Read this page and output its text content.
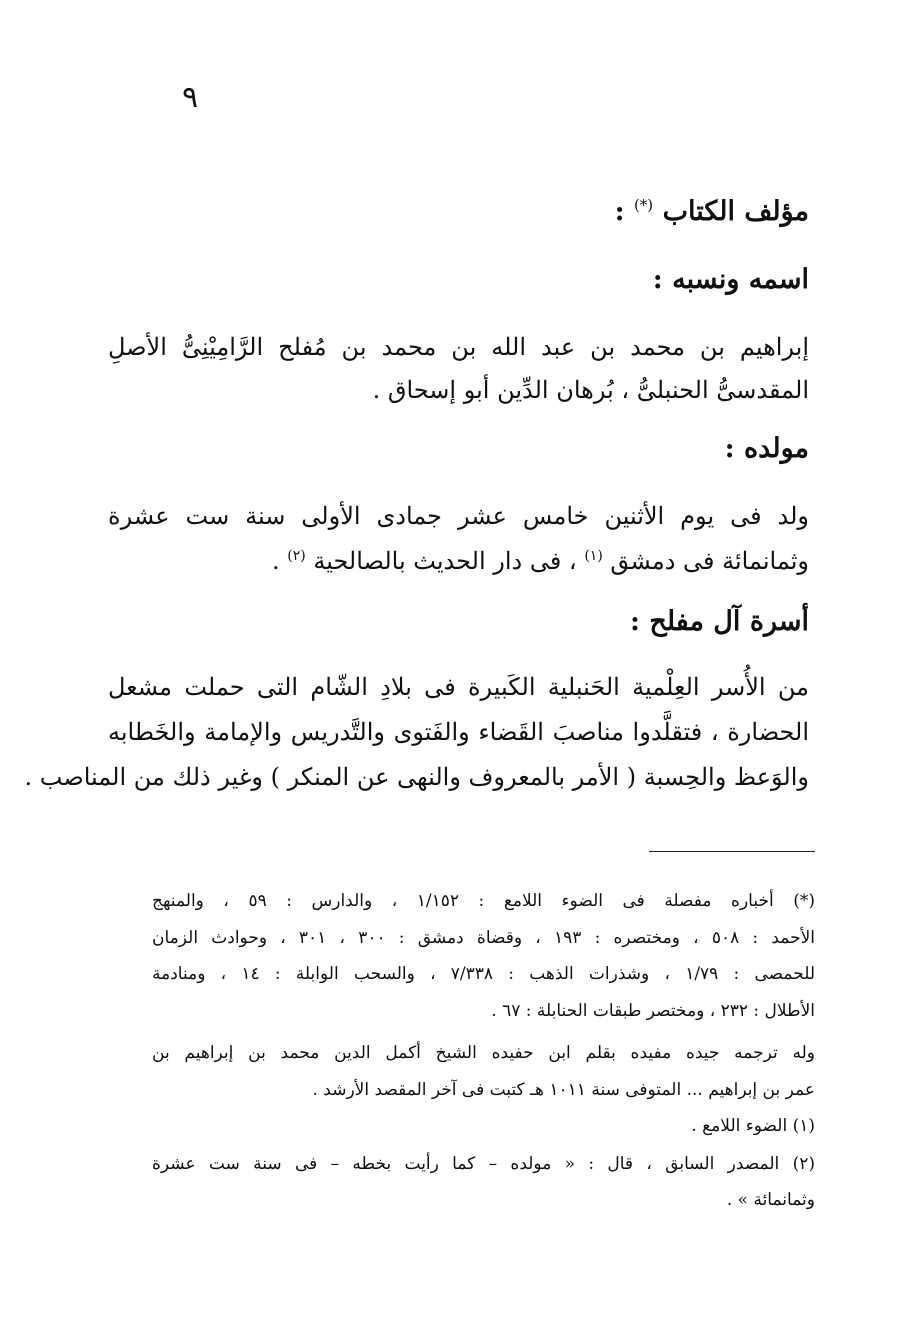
٩
مؤلف الكتاب (*) :
اسمه ونسبه :
إبراهيم بن محمد بن عبد الله بن محمد بن مُفلح الرَّامِيْنِىُّ الأصلِ
المقدسىُّ الحنبلىُّ ، بُرهان الدِّين أبو إسحاق .
مولده :
ولد فى يوم الأثنين خامس عشر جمادى الأولى سنة ست عشرة
وثمانمائة فى دمشق $^{(١)}$ ، فى دار الحديث بالصالحية $^{(٢)}$ .
أسرة آل مفلح :
من الأُسر العِلْمية الحَنبلية الكَبيرة فى بلادِ الشّام التى حملت مشعل
الحضارة ، فتقلَّدوا مناصبَ القَضاء والفَتوى والتَّدريس والإمامة والخَطابه
والوَعظ والحِسبة ( الأمر بالمعروف والنهى عن المنكر ) وغير ذلك من المناصب .
(*) أخباره مفصلة فى الضوء اللامع : ١/١٥٢ ، والدارس : ٥٩ ، والمنهج
الأحمد : ٥٠٨ ، ومختصره : ١٩٣ ، وقضاة دمشق : ٣٠٠ ، ٣٠١ ، وحوادث الزمان
للحمصى : ١/٧٩ ، وشذرات الذهب : ٧/٣٣٨ ، والسحب الوابلة : ١٤ ، ومنادمة
الأطلال : ٢٣٢ ، ومختصر طبقات الحنابلة : ٦٧ .
وله ترجمه جيده مفيده بقلم ابن حفيده الشيخ أكمل الدين محمد بن إبراهيم بن
عمر بن إبراهيم ... المتوفى سنة ١٠١١ هـ كتبت فى آخر المقصد الأرشد .
(١) الضوء اللامع .
(٢) المصدر السابق ، قال : « مولده – كما رأيت بخطه – فى سنة ست عشرة
وثمانمائة » .
